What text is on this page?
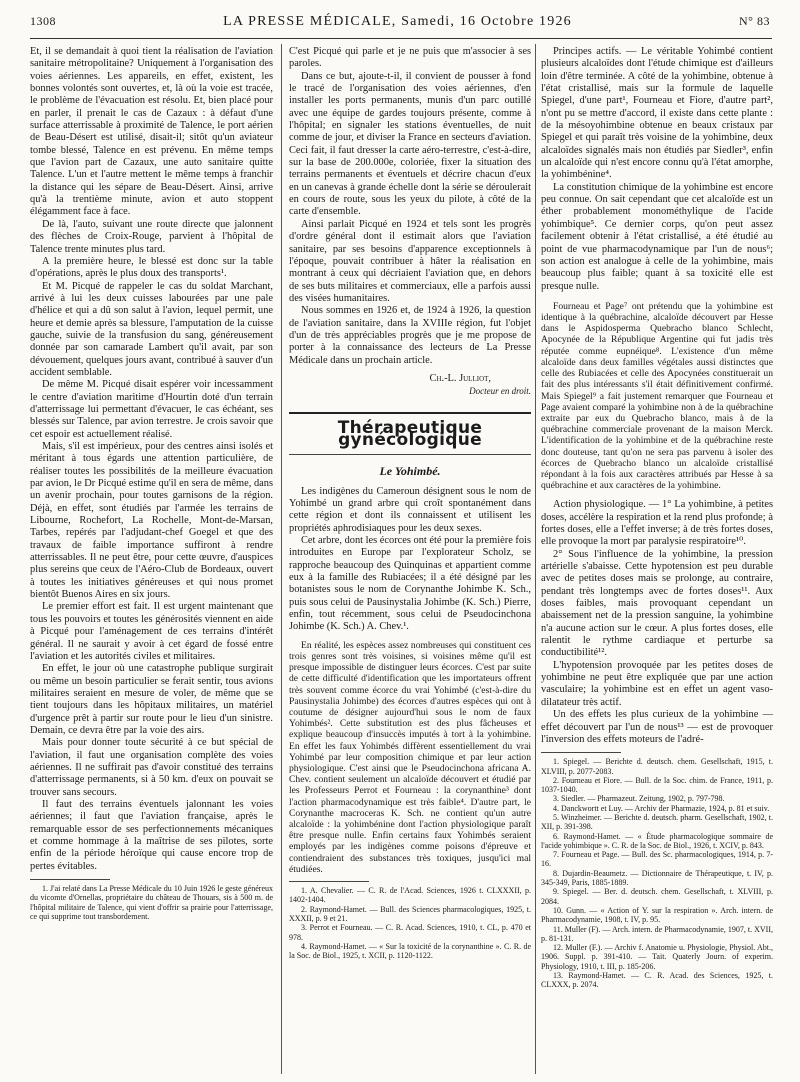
1308	LA PRESSE MÉDICALE, Samedi, 16 Octobre 1926	N° 83

Et, il se demandait à quoi tient la réalisation de l'aviation sanitaire métropolitaine? Uniquement à l'organisation des voies aériennes. Les appareils, en effet, existent, les bonnes volontés sont ouvertes, et, là où la voie est tracée, le problème de l'évacuation est résolu. Et, bien placé pour en parler, il prenait le cas de Cazaux : à défaut d'une surface atterrissable à proximité de Talence, le port aérien de Beau-Désert est utilisé, disait-il; sitôt qu'un aviateur tombe blessé, Talence en est prévenu. En même temps que l'avion part de Cazaux, une auto sanitaire quitte Talence. L'un et l'autre mettent le même temps à franchir la distance qui les sépare de Beau-Désert. Ainsi, arrive qu'à la trentième minute, avion et auto stoppent élégamment face à face.

De là, l'auto, suivant une route directe que jalonnent des flèches de Croix-Rouge, parvient à l'hôpital de Talence trente minutes plus tard.

A la première heure, le blessé est donc sur la table d'opérations, après le plus doux des transports¹.

Et M. Picqué de rappeler le cas du soldat Marchant, arrivé à lui les deux cuisses labourées par une pale d'hélice et qui a dû son salut à l'avion, lequel permit, une heure et demie après sa blessure, l'amputation de la cuisse gauche, suivie de la transfusion du sang, généreusement donnée par son camarade Lambert qu'il avait, par son dévouement, quelques jours avant, contribué à sauver d'un accident semblable.

De même M. Picqué disait espérer voir incessamment le centre d'aviation maritime d'Hourtin doté d'un terrain d'atterrissage lui permettant d'évacuer, le cas échéant, ses blessés sur Talence, par avion terrestre. Je crois savoir que cet espoir est actuellement réalisé.

Mais, s'il est impérieux, pour des centres ainsi isolés et méritant à tous égards une attention particulière, de réaliser toutes les possibilités de la meilleure évacuation par avion, le Dr Picqué estime qu'il en sera de même, dans un avenir prochain, pour toutes garnisons de la région. Déjà, en effet, sont étudiés par l'armée les terrains de Libourne, Rochefort, La Rochelle, Mont-de-Marsan, Tarbes, repérés par l'adjudant-chef Goegel et que des travaux de faible importance suffiront à rendre atterrissables. Il ne peut être, pour cette œuvre, d'auspices plus sereins que ceux de l'Aéro-Club de Bordeaux, ouvert à toutes les initiatives généreuses et qui nous promet bientôt Buenos Aires en six jours.

Le premier effort est fait. Il est urgent maintenant que tous les pouvoirs et toutes les générosités viennent en aide à Picqué pour l'aménagement de ces terrains d'intérêt général. Il ne saurait y avoir à cet égard de fossé entre l'aviation et les autorités civiles et militaires.

En effet, le jour où une catastrophe publique surgirait ou même un besoin particulier se ferait sentir, tous avions militaires seraient en mesure de voler, de même que se tient toujours dans les hôpitaux militaires, un matériel d'urgence prêt à partir sur route pour le lieu d'un sinistre. Demain, ce devra être par la voie des airs.

Mais pour donner toute sécurité à ce but spécial de l'aviation, il faut une organisation complète des voies aériennes. Il ne suffirait pas d'avoir constitué des terrains d'atterrissage permanents, si à 50 km. d'eux on pouvait se trouver sans secours.

Il faut des terrains éventuels jalonnant les voies aériennes; il faut que l'aviation française, après le remarquable essor de ses perfectionnements mécaniques et comme hommage à la maîtrise de ses pilotes, sorte enfin de la période héroïque qui cause encore trop de pertes évitables.

1. J'ai relaté dans La Presse Médicale du 10 Juin 1926 le geste généreux du vicomte d'Ornellas, propriétaire du château de Thouars, sis à 500 m. de l'hôpital militaire de Talence, qui vient d'offrir sa prairie pour l'atterrissage, ce qui supprime tout transbordement.

C'est Picqué qui parle et je ne puis que m'associer à ses paroles.

Dans ce but, ajoute-t-il, il convient de pousser à fond le tracé de l'organisation des voies aériennes, d'en installer les ports permanents, munis d'un parc outillé avec une équipe de gardes toujours présente, comme à l'hôpital; en signaler les stations éventuelles, de nuit comme de jour, et diviser la France en secteurs d'aviation. Ceci fait, il faut dresser la carte aéro-terrestre, c'est-à-dire, sur la base de 200.000e, coloriée, fixer la situation des terrains permanents et éventuels et décrire chacun d'eux en un canevas à grande échelle dont la série se déroulerait en cours de route, sous les yeux du pilote, à côté de la carte d'ensemble.

Ainsi parlait Picqué en 1924 et tels sont les progrès d'ordre général dont il estimait alors que l'aviation sanitaire, par ses besoins d'apparence exceptionnels à l'époque, pouvait contribuer à hâter la réalisation en montrant à ceux qui décriaient l'aviation que, en dehors de ses buts militaires et commerciaux, elle a parfois aussi des visées humanitaires.

Nous sommes en 1926 et, de 1924 à 1926, la question de l'aviation sanitaire, dans la XVIIIe région, fut l'objet d'un de très appréciables progrès que je me propose de porter à la connaissance des lecteurs de La Presse Médicale dans un prochain article.

Ch.-L. Julliot,
Docteur en droit.
Thérapeutique gynécologique
Le Yohimbé.

Les indigènes du Cameroun désignent sous le nom de Yohimbé un grand arbre qui croît spontanément dans cette région et dont ils connaissent et utilisent les propriétés aphrodisiaques pour les deux sexes.

Cet arbre, dont les écorces ont été pour la première fois introduites en Europe par l'explorateur Scholz, se rapproche beaucoup des Quinquinas et appartient comme eux à la famille des Rubiacées; il a été désigné par les botanistes sous le nom de Corynanthe Johimbe K. Sch., puis sous celui de Pausinystalia Johimbe (K. Sch.) Pierre, enfin, tout récemment, sous celui de Pseudocinchona Johimbe (K. Sch.) A. Chev.¹.

En réalité, les espèces assez nombreuses qui constituent ces trois genres sont très voisines, si voisines même qu'il est presque impossible de distinguer leurs écorces. C'est par suite de cette difficulté d'identification que les importateurs offrent très souvent comme écorce du vrai Yohimbé (c'est-à-dire du Pausinystalia Johimbe) des écorces d'autres espèces qui ont à coutume de désigner aujourd'hui sous le nom de faux Yohimbés². Cette substitution est des plus fâcheuses et explique beaucoup d'insuccès imputés à tort à la yohimbine. En effet les faux Yohimbés diffèrent essentiellement du vrai Yohimbé par leur composition chimique et par leur action physiologique. C'est ainsi que le Pseudocinchona africana A. Chev. contient seulement un alcaloïde découvert et étudié par les Professeurs Perrot et Fourneau : la corynanthine³ dont l'action pharmacodynamique est très faible⁴. D'autre part, le Corynanthe macroceras K. Sch. ne contient qu'un autre alcaloïde : la yohimbénine dont l'action physiologique paraît être presque nulle. Enfin certains faux Yohimbés seraient employés par les indigènes comme poisons d'épreuve et contiendraient des substances très toxiques, jusqu'ici mal étudiées.

1. A. Chevalier. — C. R. de l'Acad. Sciences, 1926 t. CLXXXII, p. 1402-1404.

2. Raymond-Hamet. — Bull. des Sciences pharmacologiques, 1925, t. XXXII, p. 9 et 21.

3. Perrot et Fourneau. — C. R. Acad. Sciences, 1910, t. CL, p. 470 et 978.

4. Raymond-Hamet. — « Sur la toxicité de la corynanthine ». C. R. de la Soc. de Biol., 1925, t. XCII, p. 1120-1122.

Principes actifs. — Le véritable Yohimbé contient plusieurs alcaloïdes dont l'étude chimique est d'ailleurs loin d'être terminée. A côté de la yohimbine, obtenue à l'état cristallisé, mais sur la formule de laquelle Spiegel, d'une part¹, Fourneau et Fiore, d'autre part², n'ont pu se mettre d'accord, il existe dans cette plante : de la mésoyohimbine obtenue en beaux cristaux par Spiegel et qui paraît très voisine de la yohimbine, deux alcaloïdes signalés mais non étudiés par Siedler³, enfin un alcaloïde qui n'est encore connu qu'à l'état amorphe, la yohimbénine⁴.

La constitution chimique de la yohimbine est encore peu connue. On sait cependant que cet alcaloïde est un éther probablement monométhylique de l'acide yohimbique⁵. Ce dernier corps, qu'on peut assez facilement obtenir à l'état cristallisé, a été étudié au point de vue pharmacodynamique par l'un de nous⁶; son action est analogue à celle de la yohimbine, mais beaucoup plus faible; quant à sa toxicité elle est presque nulle.

Fourneau et Page⁷ ont prétendu que la yohimbine est identique à la québrachine, alcaloïde découvert par Hesse dans le Aspidosperma Quebracho blanco Schlecht, Apocynée de la République Argentine qui fut jadis très réputée comme eupnéique⁸. L'existence d'un même alcaloïde dans deux familles végétales aussi distinctes que celle des Rubiacées et celle des Apocynées constituerait un fait des plus intéressants s'il était définitivement confirmé. Mais Spiegel⁹ a fait justement remarquer que Fourneau et Page avaient comparé la yohimbine non à de la québrachine extraite par eux du Quebracho blanco, mais à de la québrachine commerciale provenant de la maison Merck. L'identification de la yohimbine et de la québrachine reste donc douteuse, tant qu'on ne sera pas parvenu à isoler des écorces de Quebracho blanco un alcaloïde cristallisé répondant à la fois aux caractères attribués par Hesse à sa québrachine et aux caractères de la yohimbine.

Action physiologique. — 1° La yohimbine, à petites doses, accélère la respiration et la rend plus profonde; à fortes doses, elle a l'effet inverse; à de très fortes doses, elle provoque la mort par paralysie respiratoire¹⁰.

2° Sous l'influence de la yohimbine, la pression artérielle s'abaisse. Cette hypotension est peu durable avec de petites doses mais se prolonge, au contraire, pendant très longtemps avec de fortes doses¹¹. Aux doses faibles, mais provoquant cependant un abaissement net de la pression sanguine, la yohimbine n'a aucune action sur le cœur. A plus fortes doses, elle ralentit le rythme cardiaque et perturbe sa conductibilité¹².

L'hypotension provoquée par les petites doses de yohimbine ne peut être expliquée que par une action vasculaire; la yohimbine est en effet un agent vaso-dilatateur très actif.

Un des effets les plus curieux de la yohimbine — effet découvert par l'un de nous¹³ — est de provoquer l'inversion des effets moteurs de l'adré-

1. Spiegel. — Berichte d. deutsch. chem. Gesellschaft, 1915, t. XLVIII, p. 2077-2083.

2. Fourneau et Fiore. — Bull. de la Soc. chim. de France, 1911, p. 1037-1040.

3. Siedler. — Pharmazeut. Zeitung, 1902, p. 797-798.

4. Danckwortt et Luy. — Archiv der Pharmazie, 1924, p. 81 et suiv.

5. Winzheimer. — Berichte d. deutsch. pharm. Gesellschaft, 1902, t. XII, p. 391-398.

6. Raymond-Hamet. — « Étude pharmacologique sommaire de l'acide yohimbique ». C. R. de la Soc. de Biol., 1926, t. XCIV, p. 843.

7. Fourneau et Page. — Bull. des Sc. pharmacologiques, 1914, p. 7-16.

8. Dujardin-Beaumetz. — Dictionnaire de Thérapeutique, t. IV, p. 345-349, Paris, 1885-1889.

9. Spiegel. — Ber. d. deutsch. chem. Gesellschaft, t. XLVIII, p. 2084.

10. Gunn. — « Action of Y. sur la respiration ». Arch. intern. de Pharmacodynamie, 1908, t. IV, p. 95.

11. Muller (F). — Arch. intern. de Pharmacodynamie, 1907, t. XVII, p. 81-131.

12. Muller (F.). — Archiv f. Anatomie u. Physiologie, Physiol. Abt., 1906. Suppl. p. 391-410. — Tait. Quaterly Journ. of experim. Physiology, 1910, t. III, p. 185-206.

13. Raymond-Hamet. — C. R. Acad. des Sciences, 1925, t. CLXXX, p. 2074.
